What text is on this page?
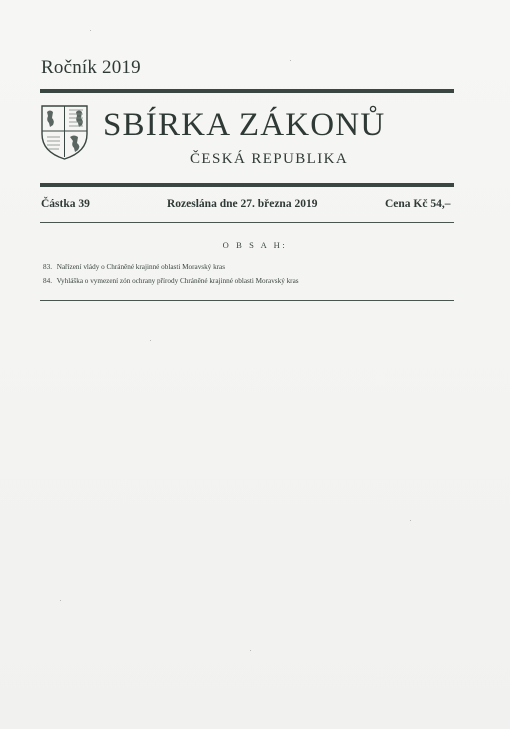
Ročník 2019
SBÍRKA ZÁKONŮ
ČESKÁ REPUBLIKA
Částka 39	Rozeslána dne 27. března 2019	Cena Kč 54,–
O B S A H:
83. Nařízení vlády o Chráněné krajinné oblasti Moravský kras
84. Vyhláška o vymezení zón ochrany přírody Chráněné krajinné oblasti Moravský kras
